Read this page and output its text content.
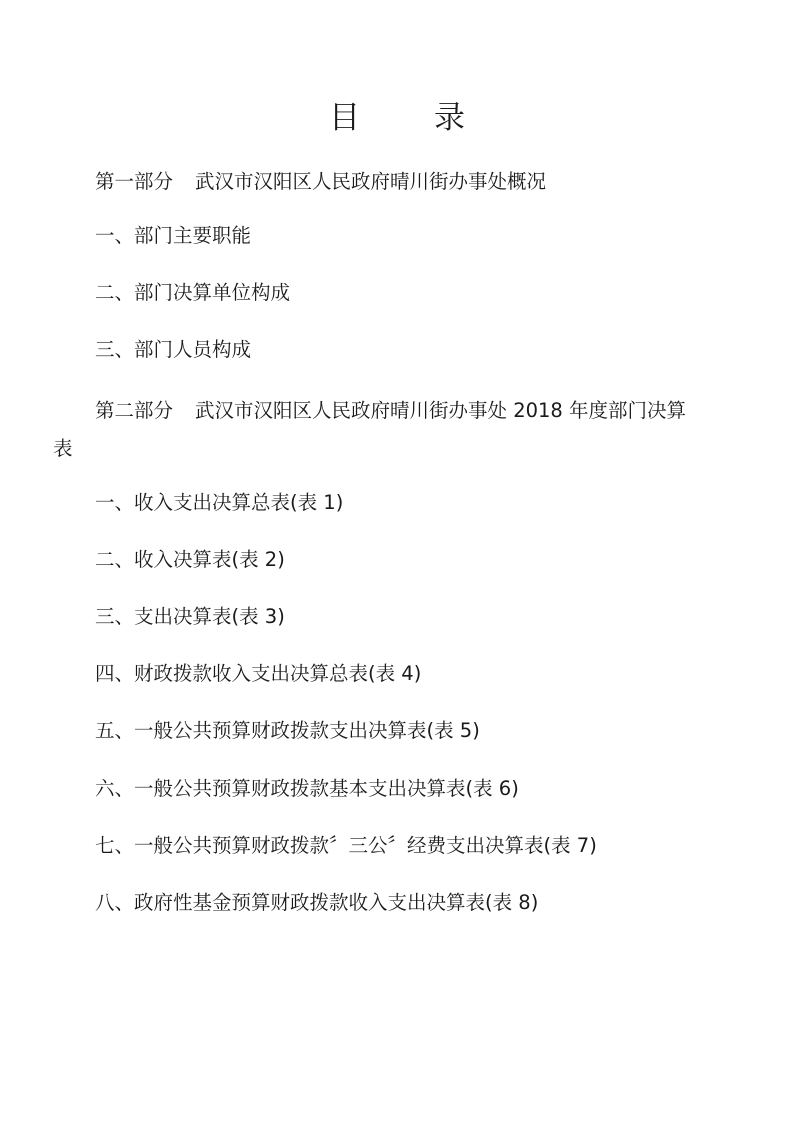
目录
第一部分 武汉市汉阳区人民政府晴川街办事处概况
一、部门主要职能
二、部门决算单位构成
三、部门人员构成
第二部分 武汉市汉阳区人民政府晴川街办事处 2018 年度部门决算
表
一、收入支出决算总表(表 1)
二、收入决算表(表 2)
三、支出决算表(表 3)
四、财政拨款收入支出决算总表(表 4)
五、一般公共预算财政拨款支出决算表(表 5)
六、一般公共预算财政拨款基本支出决算表(表 6)
七、一般公共预算财政拨款〞三公〞经费支出决算表(表 7)
八、政府性基金预算财政拨款收入支出决算表(表 8)
